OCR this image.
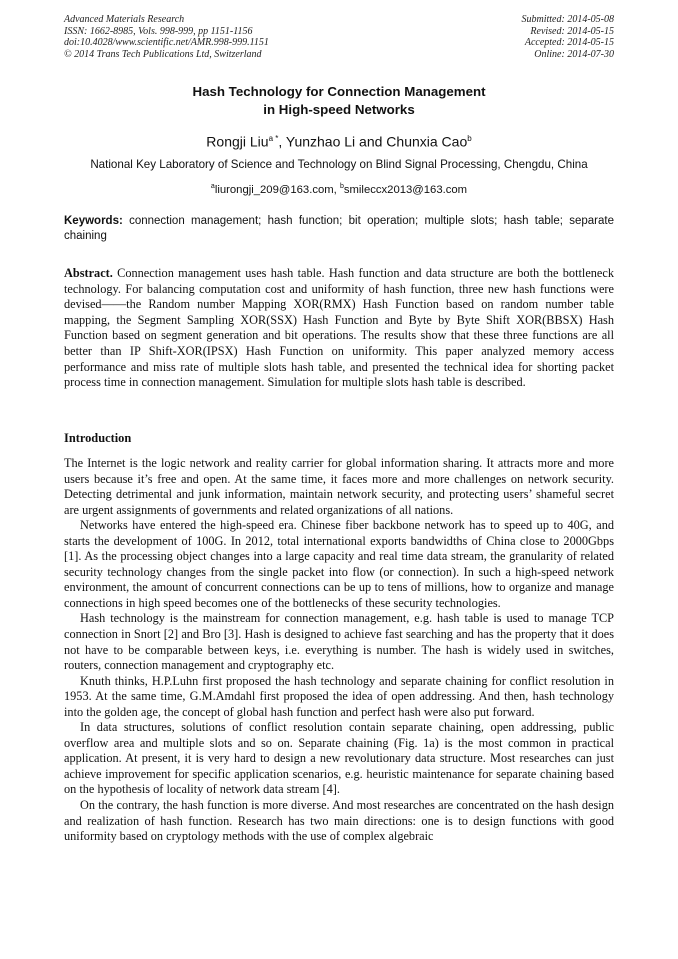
Advanced Materials Research
ISSN: 1662-8985, Vols. 998-999, pp 1151-1156
doi:10.4028/www.scientific.net/AMR.998-999.1151
© 2014 Trans Tech Publications Ltd, Switzerland
Submitted: 2014-05-08
Revised: 2014-05-15
Accepted: 2014-05-15
Online: 2014-07-30
Hash Technology for Connection Management
in High-speed Networks
Rongji Liu$^{a *}$, Yunzhao Li and Chunxia Cao$^b$
National Key Laboratory of Science and Technology on Blind Signal Processing, Chengdu, China
$^a$liurongji_209@163.com, $^b$smileccx2013@163.com
Keywords: connection management; hash function; bit operation; multiple slots; hash table; separate chaining
Abstract. Connection management uses hash table. Hash function and data structure are both the bottleneck technology. For balancing computation cost and uniformity of hash function, three new hash functions were devised——the Random number Mapping XOR(RMX) Hash Function based on random number table mapping, the Segment Sampling XOR(SSX) Hash Function and Byte by Byte Shift XOR(BBSX) Hash Function based on segment generation and bit operations. The results show that these three functions are all better than IP Shift-XOR(IPSX) Hash Function on uniformity. This paper analyzed memory access performance and miss rate of multiple slots hash table, and presented the technical idea for shorting packet process time in connection management. Simulation for multiple slots hash table is described.
Introduction

The Internet is the logic network and reality carrier for global information sharing. It attracts more and more users because it’s free and open. At the same time, it faces more and more challenges on network security. Detecting detrimental and junk information, maintain network security, and protecting users’ shameful secret are urgent assignments of governments and related organizations of all nations.

Networks have entered the high-speed era. Chinese fiber backbone network has to speed up to 40G, and starts the development of 100G. In 2012, total international exports bandwidths of China close to 2000Gbps [1]. As the processing object changes into a large capacity and real time data stream, the granularity of related security technology changes from the single packet into flow (or connection). In such a high-speed network environment, the amount of concurrent connections can be up to tens of millions, how to organize and manage connections in high speed becomes one of the bottlenecks of these security technologies.

Hash technology is the mainstream for connection management, e.g. hash table is used to manage TCP connection in Snort [2] and Bro [3]. Hash is designed to achieve fast searching and has the property that it does not have to be comparable between keys, i.e. everything is number. The hash is widely used in switches, routers, connection management and cryptography etc.

Knuth thinks, H.P.Luhn first proposed the hash technology and separate chaining for conflict resolution in 1953. At the same time, G.M.Amdahl first proposed the idea of open addressing. And then, hash technology into the golden age, the concept of global hash function and perfect hash were also put forward.

In data structures, solutions of conflict resolution contain separate chaining, open addressing, public overflow area and multiple slots and so on. Separate chaining (Fig. 1a) is the most common in practical application. At present, it is very hard to design a new revolutionary data structure. Most researches can just achieve improvement for specific application scenarios, e.g. heuristic maintenance for separate chaining based on the hypothesis of locality of network data stream [4].

On the contrary, the hash function is more diverse. And most researches are concentrated on the hash design and realization of hash function. Research has two main directions: one is to design functions with good uniformity based on cryptology methods with the use of complex algebraic
